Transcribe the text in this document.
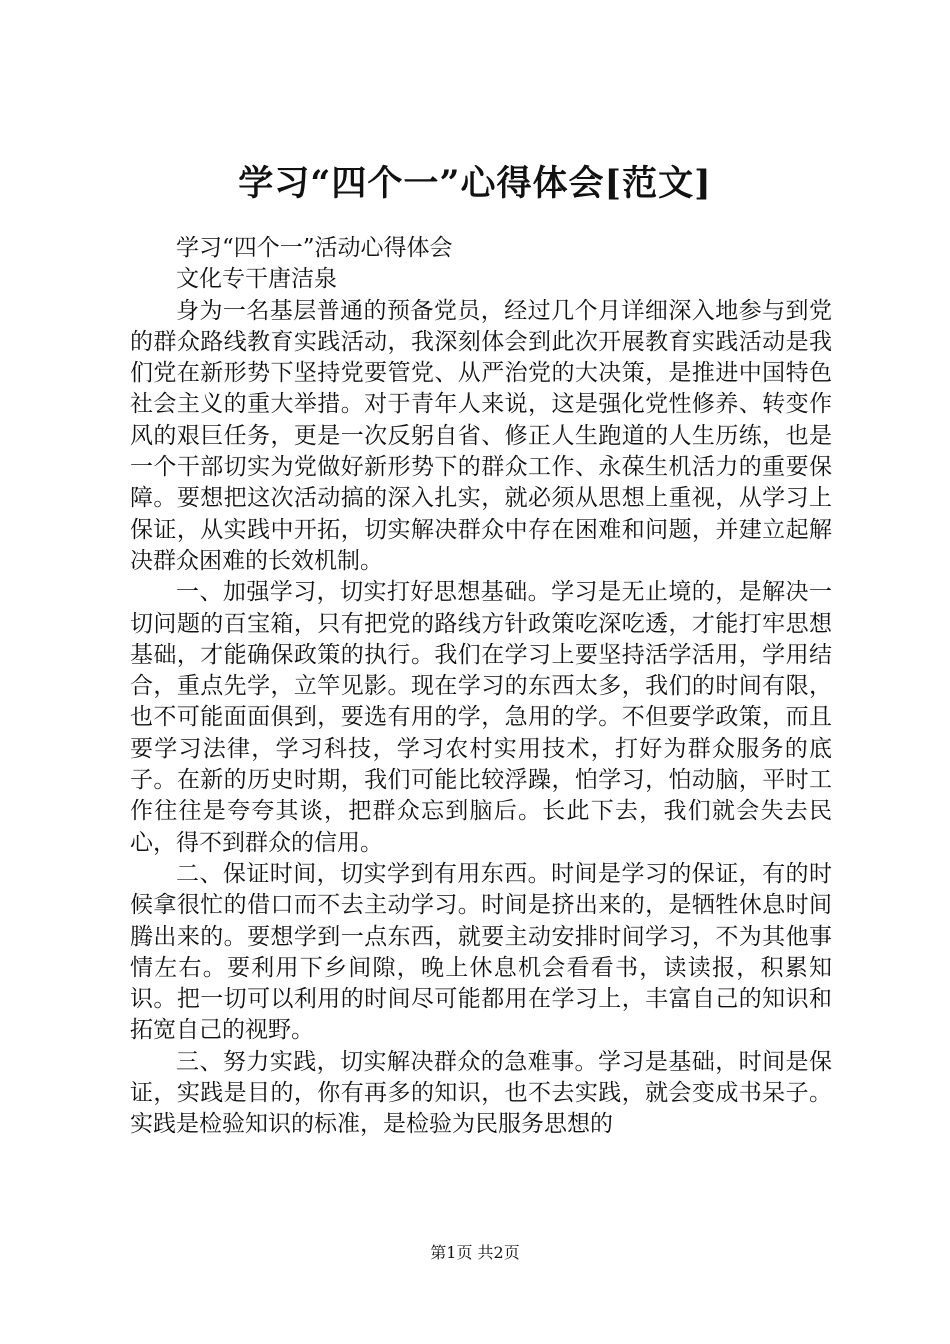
学习“四个一”心得体会[范文]

学习“四个一”活动心得体会

文化专干唐洁泉

身为一名基层普通的预备党员，经过几个月详细深入地参与到党的群众路线教育实践活动，我深刻体会到此次开展教育实践活动是我们党在新形势下坚持党要管党、从严治党的大决策，是推进中国特色社会主义的重大举措。对于青年人来说，这是强化党性修养、转变作风的艰巨任务，更是一次反躬自省、修正人生跑道的人生历练，也是一个干部切实为党做好新形势下的群众工作、永葆生机活力的重要保障。要想把这次活动搞的深入扎实，就必须从思想上重视，从学习上保证，从实践中开拓，切实解决群众中存在困难和问题，并建立起解决群众困难的长效机制。

一、加强学习，切实打好思想基础。学习是无止境的，是解决一切问题的百宝箱，只有把党的路线方针政策吃深吃透，才能打牢思想基础，才能确保政策的执行。我们在学习上要坚持活学活用，学用结合，重点先学，立竿见影。现在学习的东西太多，我们的时间有限，也不可能面面俱到，要选有用的学，急用的学。不但要学政策，而且要学习法律，学习科技，学习农村实用技术，打好为群众服务的底子。在新的历史时期，我们可能比较浮躁，怕学习，怕动脑，平时工作往往是夸夸其谈，把群众忘到脑后。长此下去，我们就会失去民心，得不到群众的信用。

二、保证时间，切实学到有用东西。时间是学习的保证，有的时候拿很忙的借口而不去主动学习。时间是挤出来的，是牺牲休息时间腾出来的。要想学到一点东西，就要主动安排时间学习，不为其他事情左右。要利用下乡间隙，晚上休息机会看看书，读读报，积累知识。把一切可以利用的时间尽可能都用在学习上，丰富自己的知识和拓宽自己的视野。

三、努力实践，切实解决群众的急难事。学习是基础，时间是保证，实践是目的，你有再多的知识，也不去实践，就会变成书呆子。实践是检验知识的标准，是检验为民服务思想的

第1页 共2页
